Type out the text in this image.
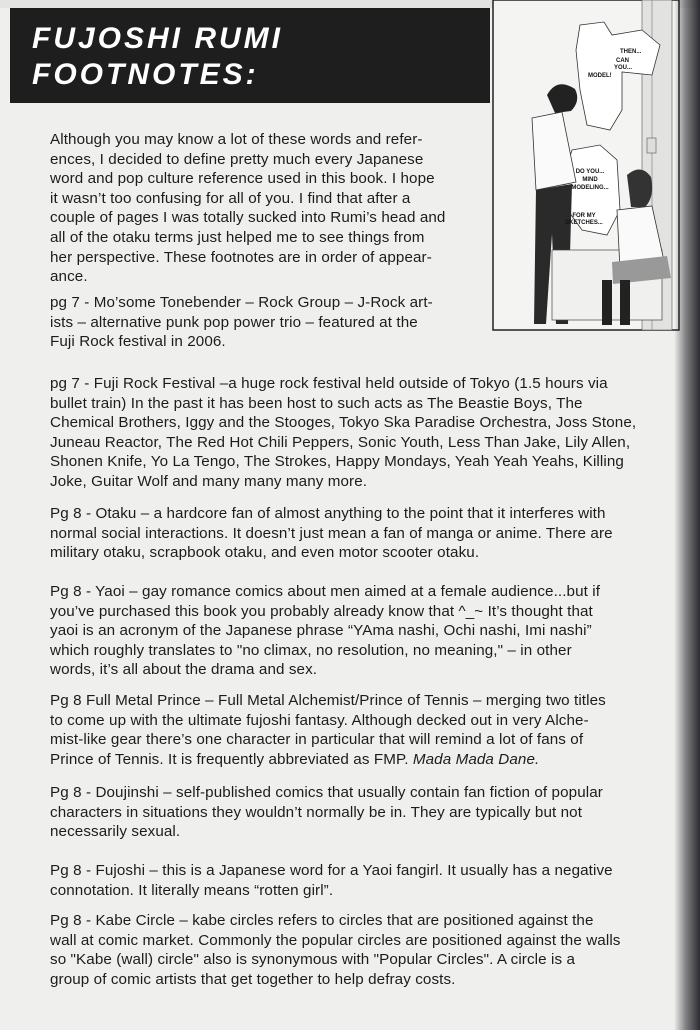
FUJOSHI RUMI
FOOTNOTES:
THEN...
CAN
YOU...
MODEL!
DO YOU...
MIND
MODELING...
FOR MY
SKETCHES...
Although you may know a lot of these words and refer-
ences, I decided to define pretty much every Japanese
word and pop culture reference used in this book. I hope
it wasn’t too confusing for all of you. I find that after a
couple of pages I was totally sucked into Rumi’s head and
all of the otaku terms just helped me to see things from
her perspective. These footnotes are in order of appear-
ance.
pg 7 - Mo’some Tonebender – Rock Group – J-Rock art-
ists – alternative punk pop power trio – featured at the
Fuji Rock festival in 2006.
pg 7 - Fuji Rock Festival –a huge rock festival held outside of Tokyo (1.5 hours via
bullet train) In the past it has been host to such acts as The Beastie Boys, The
Chemical Brothers, Iggy and the Stooges, Tokyo Ska Paradise Orchestra, Joss Stone,
Juneau Reactor, The Red Hot Chili Peppers, Sonic Youth, Less Than Jake, Lily Allen,
Shonen Knife, Yo La Tengo, The Strokes, Happy Mondays, Yeah Yeah Yeahs, Killing
Joke, Guitar Wolf and many many many more.
Pg 8 - Otaku – a hardcore fan of almost anything to the point that it interferes with
normal social interactions. It doesn’t just mean a fan of manga or anime. There are
military otaku, scrapbook otaku, and even motor scooter otaku.
Pg 8 - Yaoi – gay romance comics about men aimed at a female audience...but if
you’ve purchased this book you probably already know that ^_~ It’s thought that
yaoi is an acronym of the Japanese phrase “YAma nashi, Ochi nashi, Imi nashi”
which roughly translates to "no climax, no resolution, no meaning," – in other
words, it’s all about the drama and sex.
Pg 8 Full Metal Prince – Full Metal Alchemist/Prince of Tennis – merging two titles
to come up with the ultimate fujoshi fantasy. Although decked out in very Alche-
mist-like gear there’s one character in particular that will remind a lot of fans of
Prince of Tennis. It is frequently abbreviated as FMP. Mada Mada Dane.
Pg 8 - Doujinshi – self-published comics that usually contain fan fiction of popular
characters in situations they wouldn’t normally be in. They are typically but not
necessarily sexual.
Pg 8 - Fujoshi – this is a Japanese word for a Yaoi fangirl. It usually has a negative
connotation. It literally means “rotten girl”.
Pg 8 - Kabe Circle – kabe circles refers to circles that are positioned against the
wall at comic market. Commonly the popular circles are positioned against the walls
so "Kabe (wall) circle" also is synonymous with "Popular Circles". A circle is a
group of comic artists that get together to help defray costs.
